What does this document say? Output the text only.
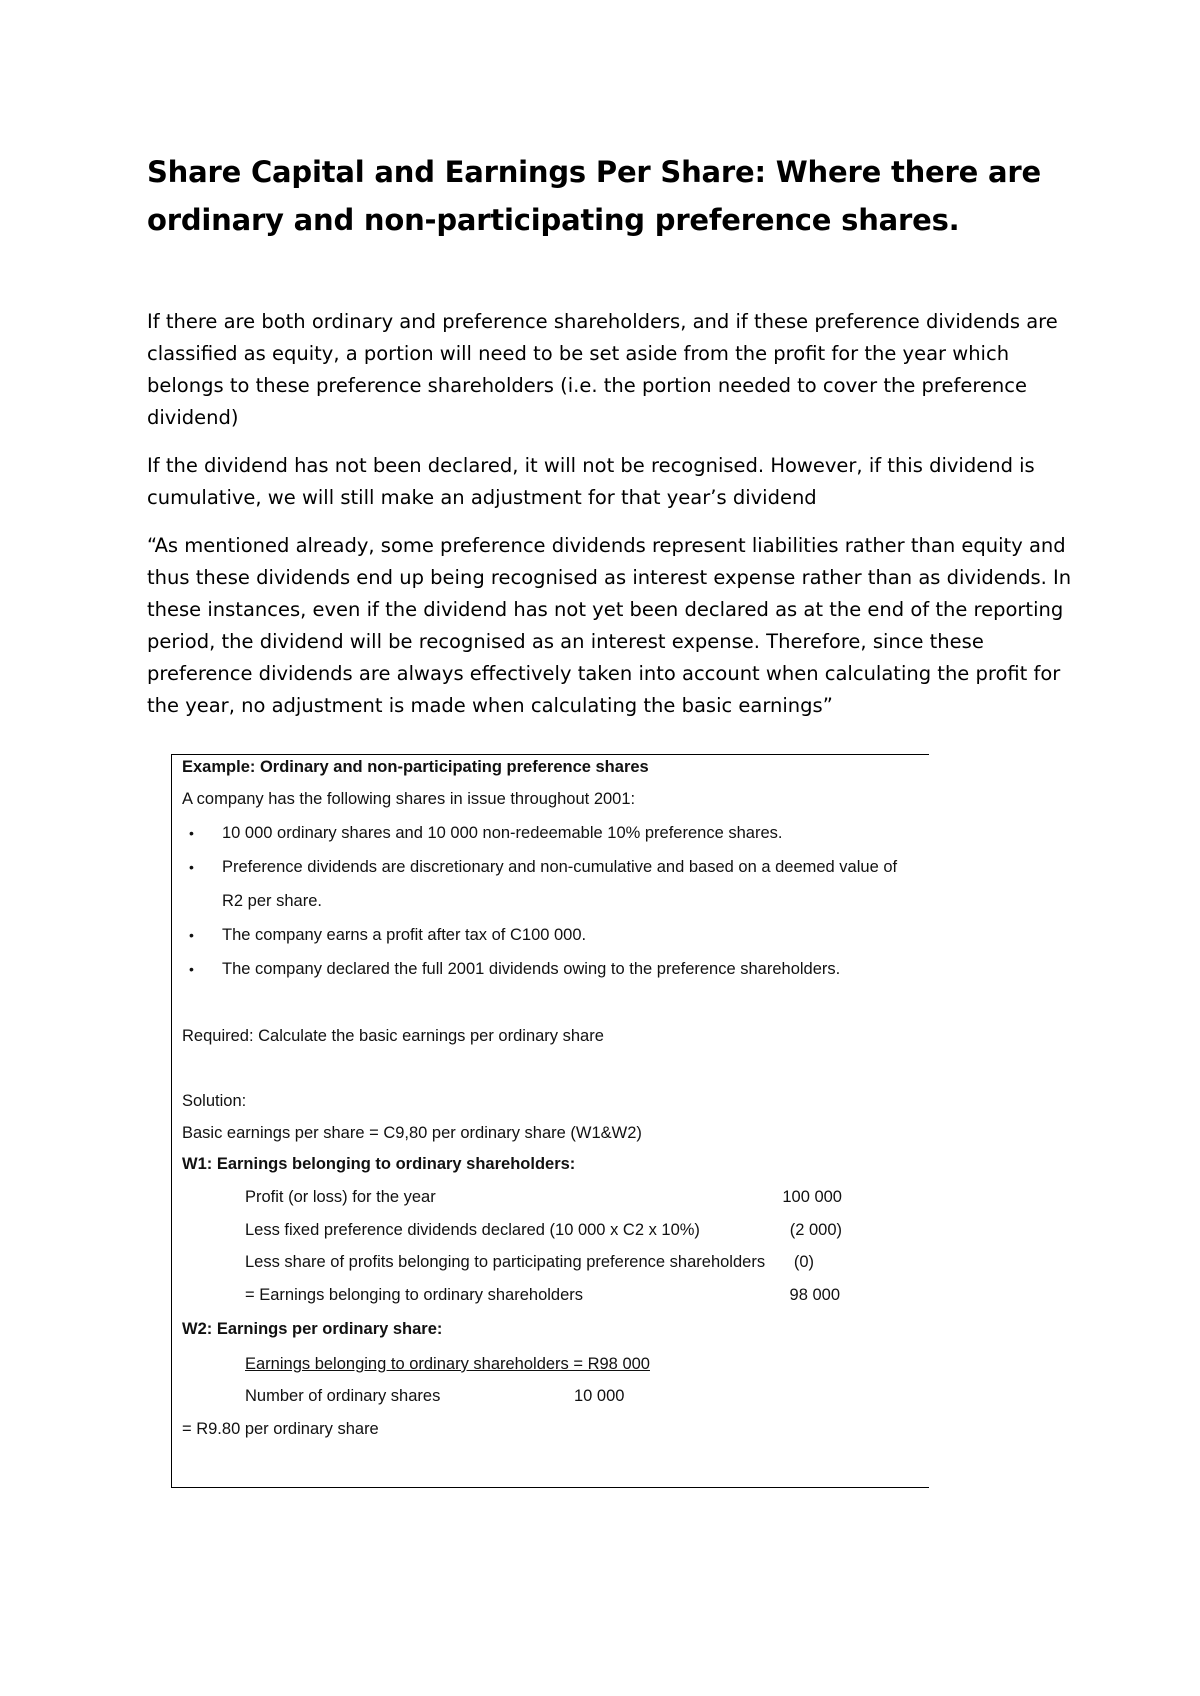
Share Capital and Earnings Per Share: Where there are ordinary and non-participating preference shares.

If there are both ordinary and preference shareholders, and if these preference dividends are classified as equity, a portion will need to be set aside from the profit for the year which belongs to these preference shareholders (i.e. the portion needed to cover the preference dividend)

If the dividend has not been declared, it will not be recognised. However, if this dividend is cumulative, we will still make an adjustment for that year’s dividend

“As mentioned already, some preference dividends represent liabilities rather than equity and thus these dividends end up being recognised as interest expense rather than as dividends. In these instances, even if the dividend has not yet been declared as at the end of the reporting period, the dividend will be recognised as an interest expense. Therefore, since these preference dividends are always effectively taken into account when calculating the profit for the year, no adjustment is made when calculating the basic earnings”

Example: Ordinary and non-participating preference shares
A company has the following shares in issue throughout 2001:
• 10 000 ordinary shares and 10 000 non-redeemable 10% preference shares.
• Preference dividends are discretionary and non-cumulative and based on a deemed value of
R2 per share.
• The company earns a profit after tax of C100 000.
• The company declared the full 2001 dividends owing to the preference shareholders.
Required: Calculate the basic earnings per ordinary share
Solution:
Basic earnings per share = C9,80 per ordinary share (W1&W2)
W1: Earnings belonging to ordinary shareholders:
Profit (or loss) for the year	100 000
Less fixed preference dividends declared (10 000 x C2 x 10%)	(2 000)
Less share of profits belonging to participating preference shareholders	(0)
= Earnings belonging to ordinary shareholders	98 000
W2: Earnings per ordinary share:
Earnings belonging to ordinary shareholders = R98 000
Number of ordinary shares	10 000
= R9.80 per ordinary share
